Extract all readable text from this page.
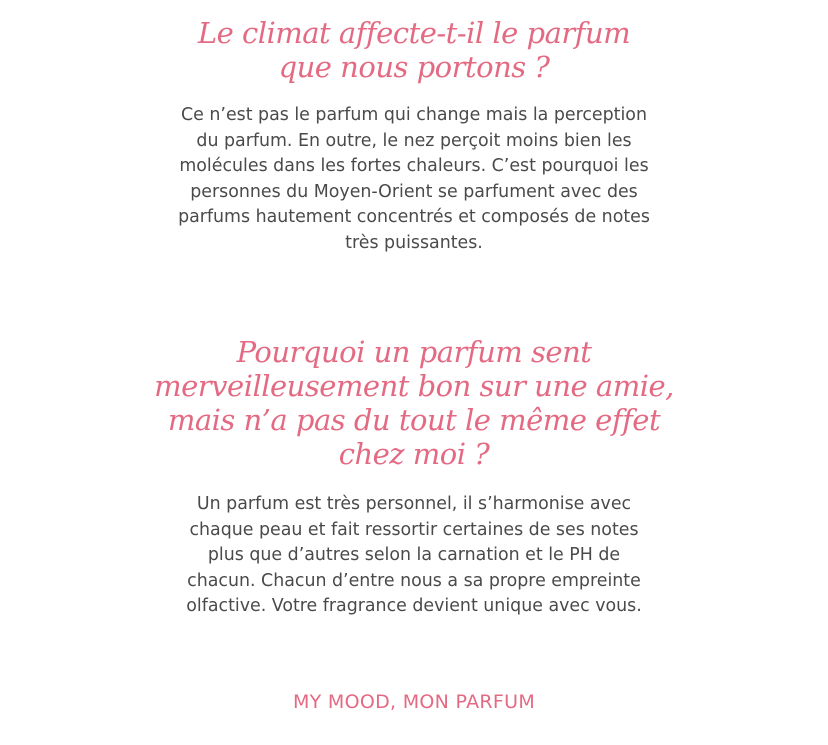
Le climat affecte-t-il le parfum que nous portons ?

Ce n’est pas le parfum qui change mais la perception du parfum. En outre, le nez perçoit moins bien les molécules dans les fortes chaleurs. C’est pourquoi les personnes du Moyen-Orient se parfument avec des parfums hautement concentrés et composés de notes très puissantes.

Pourquoi un parfum sent merveilleusement bon sur une amie, mais n’a pas du tout le même effet chez moi ?

Un parfum est très personnel, il s’harmonise avec chaque peau et fait ressortir certaines de ses notes plus que d’autres selon la carnation et le PH de chacun. Chacun d’entre nous a sa propre empreinte olfactive. Votre fragrance devient unique avec vous.

MY MOOD, MON PARFUM
